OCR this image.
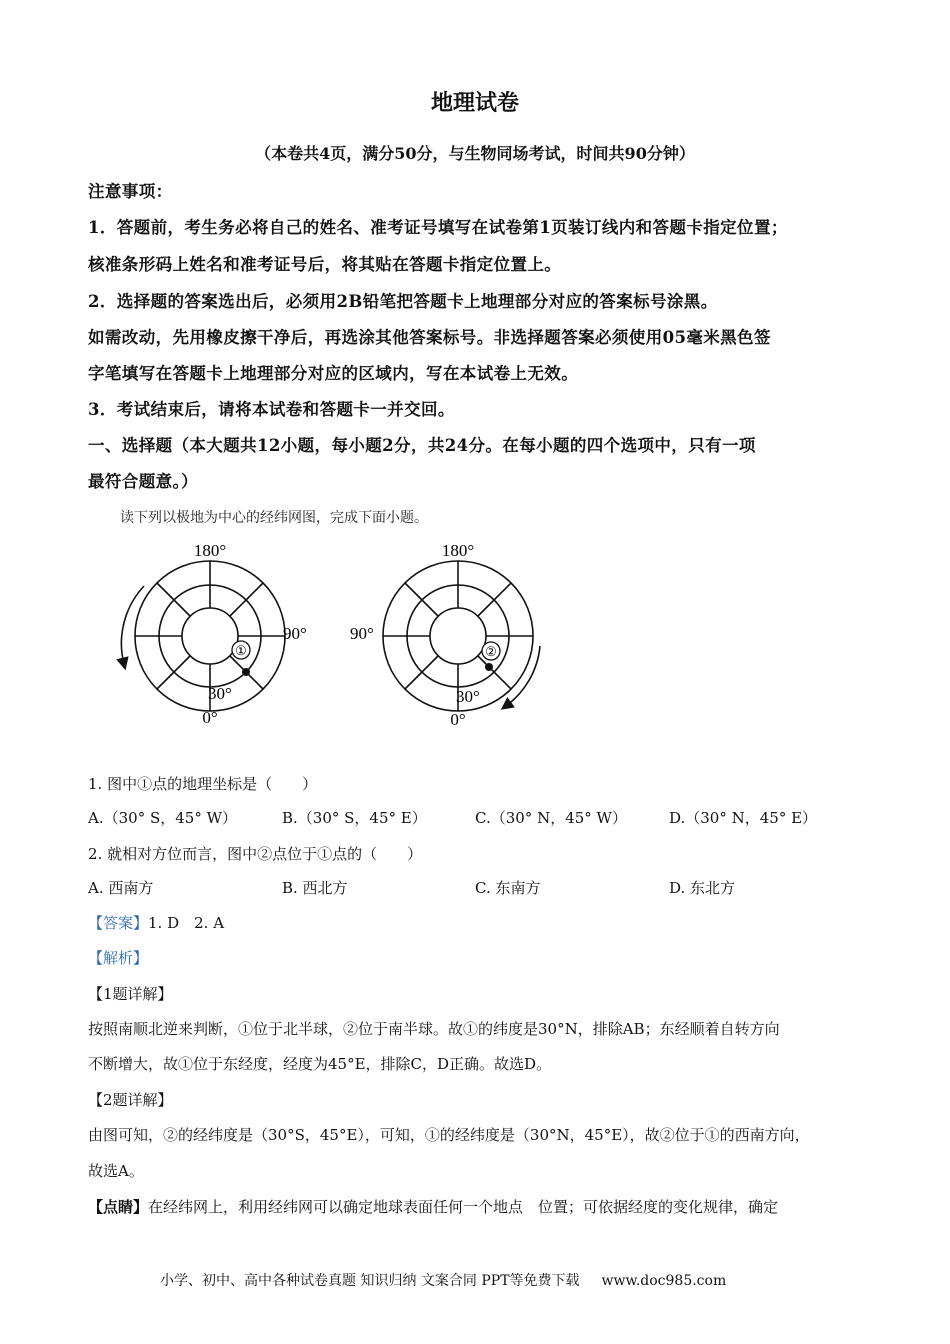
地理试卷
（本卷共4页，满分50分，与生物同场考试，时间共90分钟）
注意事项：
1．答题前，考生务必将自己的姓名、准考证号填写在试卷第1页装订线内和答题卡指定位置；
核准条形码上姓名和准考证号后，将其贴在答题卡指定位置上。
2．选择题的答案选出后，必须用2B铅笔把答题卡上地理部分对应的答案标号涂黑。
如需改动，先用橡皮擦干净后，再选涂其他答案标号。非选择题答案必须使用05毫米黑色签
字笔填写在答题卡上地理部分对应的区域内，写在本试卷上无效。
3．考试结束后，请将本试卷和答题卡一并交回。
一、选择题（本大题共12小题，每小题2分，共24分。在每小题的四个选项中，只有一项
最符合题意。）
读下列以极地为中心的经纬网图，完成下面小题。
①
180°
90°
30°
0°
②
180°
90°
30°
0°
1. 图中①点的地理坐标是（　　）
A.（30° S，45° W）	B.（30° S，45° E）	C.（30° N，45° W）	D.（30° N，45° E）
2. 就相对方位而言，图中②点位于①点的（　　）
A. 西南方	B. 西北方	C. 东南方	D. 东北方
【答案】1. D　2. A
【解析】
【1题详解】
按照南顺北逆来判断，①位于北半球，②位于南半球。故①的纬度是30°N，排除AB；东经顺着自转方向
不断增大，故①位于东经度，经度为45°E，排除C，D正确。故选D。
【2题详解】
由图可知，②的经纬度是（30°S，45°E），可知，①的经纬度是（30°N，45°E），故②位于①的西南方向，
故选A。
【点睛】在经纬网上，利用经纬网可以确定地球表面任何一个地点　位置；可依据经度的变化规律，确定
小学、初中、高中各种试卷真题 知识归纳 文案合同 PPT等免费下载 www.doc985.com
